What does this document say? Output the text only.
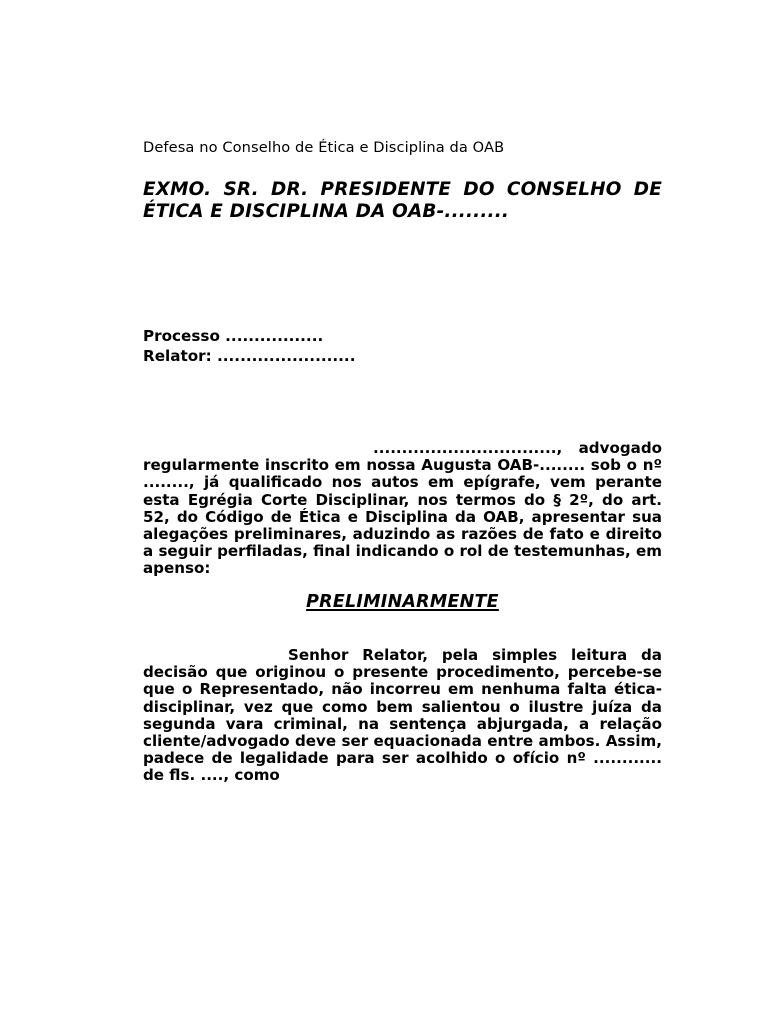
Defesa no Conselho de Ética e Disciplina da OAB

EXMO. SR. DR. PRESIDENTE DO CONSELHO DE ÉTICA E DISCIPLINA DA OAB-.........
Processo .................
Relator: ........................

................................, advogado regularmente inscrito em nossa Augusta OAB-........ sob o nº ........, já qualificado nos autos em epígrafe, vem perante esta Egrégia Corte Disciplinar, nos termos do § 2º, do art. 52, do Código de Ética e Disciplina da OAB, apresentar sua alegações preliminares, aduzindo as razões de fato e direito a seguir perfiladas, final indicando o rol de testemunhas, em apenso:

PRELIMINARMENTE

Senhor Relator, pela simples leitura da decisão que originou o presente procedimento, percebe-se que o Representado, não incorreu em nenhuma falta ética-disciplinar, vez que como bem salientou o ilustre juíza da segunda vara criminal, na sentença abjurgada, a relação cliente/advogado deve ser equacionada entre ambos. Assim, padece de legalidade para ser acolhido o ofício nº ............ de fls. ...., como
